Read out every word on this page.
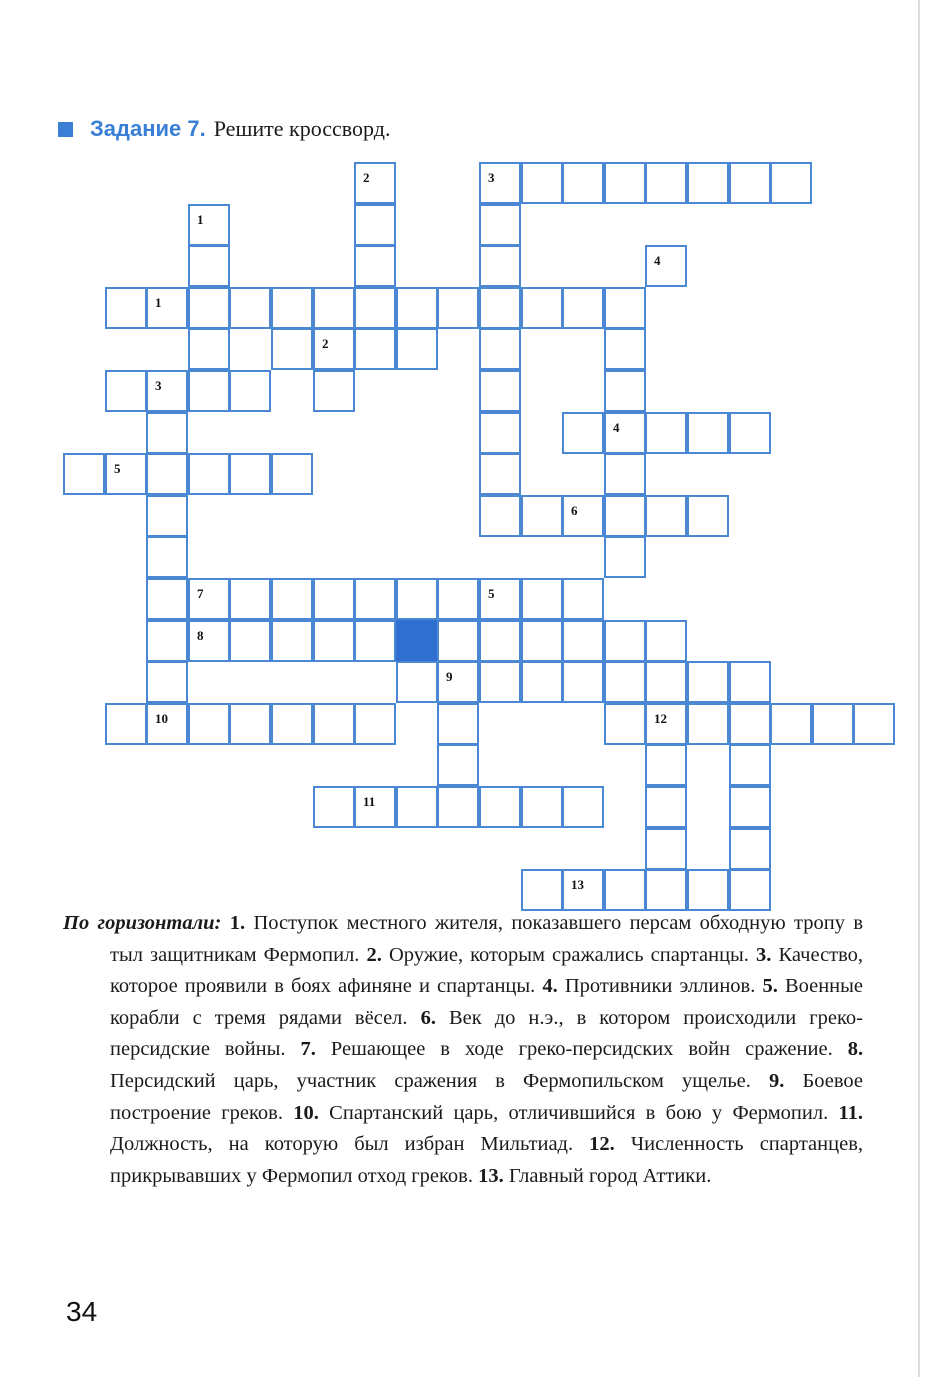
Задание 7. Решите кроссворд.
2	3
1
4
1
2
3
4
5
6
7	5
8
9
10	12
11
13

По горизонтали: 1. Поступок местного жителя, показавшего персам обходную тропу в тыл защитникам Фермопил. 2. Оружие, которым сражались спартанцы. 3. Качество, которое проявили в боях афиняне и спартанцы. 4. Противники эллинов. 5. Военные корабли с тремя рядами вёсел. 6. Век до н.э., в котором происходили греко-персидские войны. 7. Решающее в ходе греко-персидских войн сражение. 8. Персидский царь, участник сражения в Фермопильском ущелье. 9. Боевое построение греков. 10. Спартанский царь, отличившийся в бою у Фермопил. 11. Должность, на которую был избран Мильтиад. 12. Численность спартанцев, прикрывавших у Фермопил отход греков. 13. Главный город Аттики.

34
